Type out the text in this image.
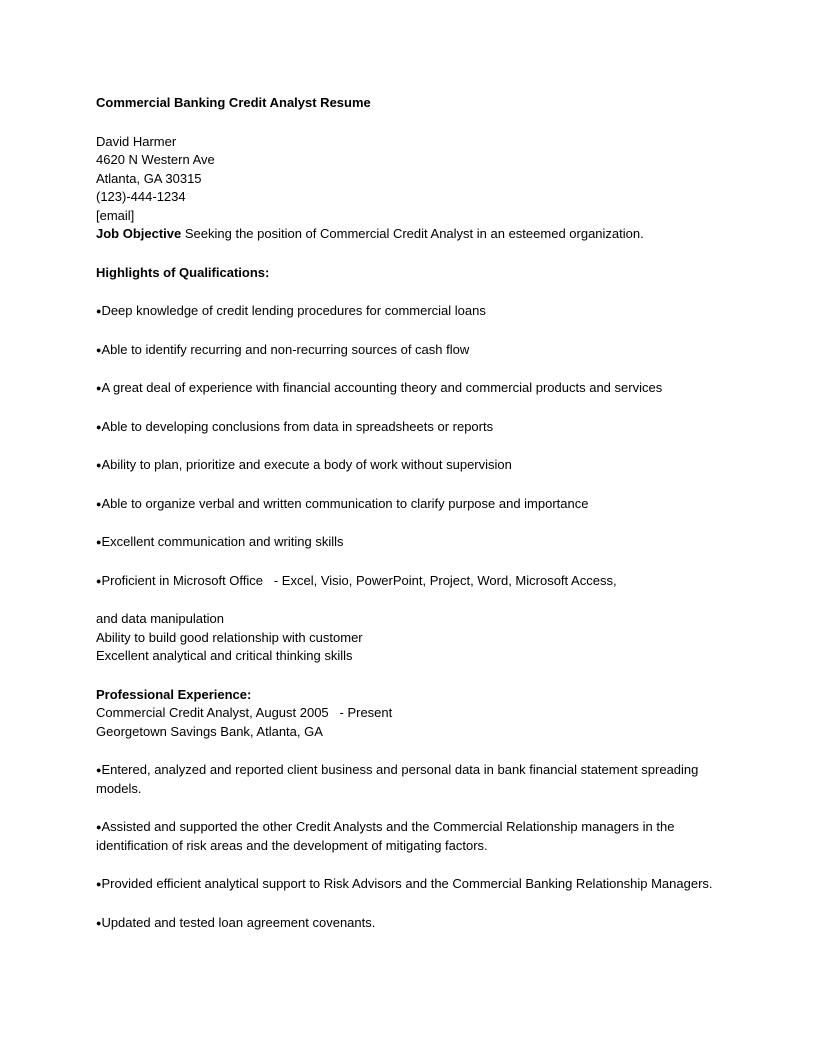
Commercial Banking Credit Analyst Resume
David Harmer
4620 N Western Ave
Atlanta, GA 30315
(123)-444-1234
[email]
Job Objective Seeking the position of Commercial Credit Analyst in an esteemed organization.
Highlights of Qualifications:
●Deep knowledge of credit lending procedures for commercial loans
●Able to identify recurring and non-recurring sources of cash flow
●A great deal of experience with financial accounting theory and commercial products and services
●Able to developing conclusions from data in spreadsheets or reports
●Ability to plan, prioritize and execute a body of work without supervision
●Able to organize verbal and written communication to clarify purpose and importance
●Excellent communication and writing skills
●Proficient in Microsoft Office   - Excel, Visio, PowerPoint, Project, Word, Microsoft Access,
and data manipulation
Ability to build good relationship with customer
Excellent analytical and critical thinking skills
Professional Experience:
Commercial Credit Analyst, August 2005   - Present
Georgetown Savings Bank, Atlanta, GA
●Entered, analyzed and reported client business and personal data in bank financial statement spreading models.
●Assisted and supported the other Credit Analysts and the Commercial Relationship managers in the identification of risk areas and the development of mitigating factors.
●Provided efficient analytical support to Risk Advisors and the Commercial Banking Relationship Managers.
●Updated and tested loan agreement covenants.
